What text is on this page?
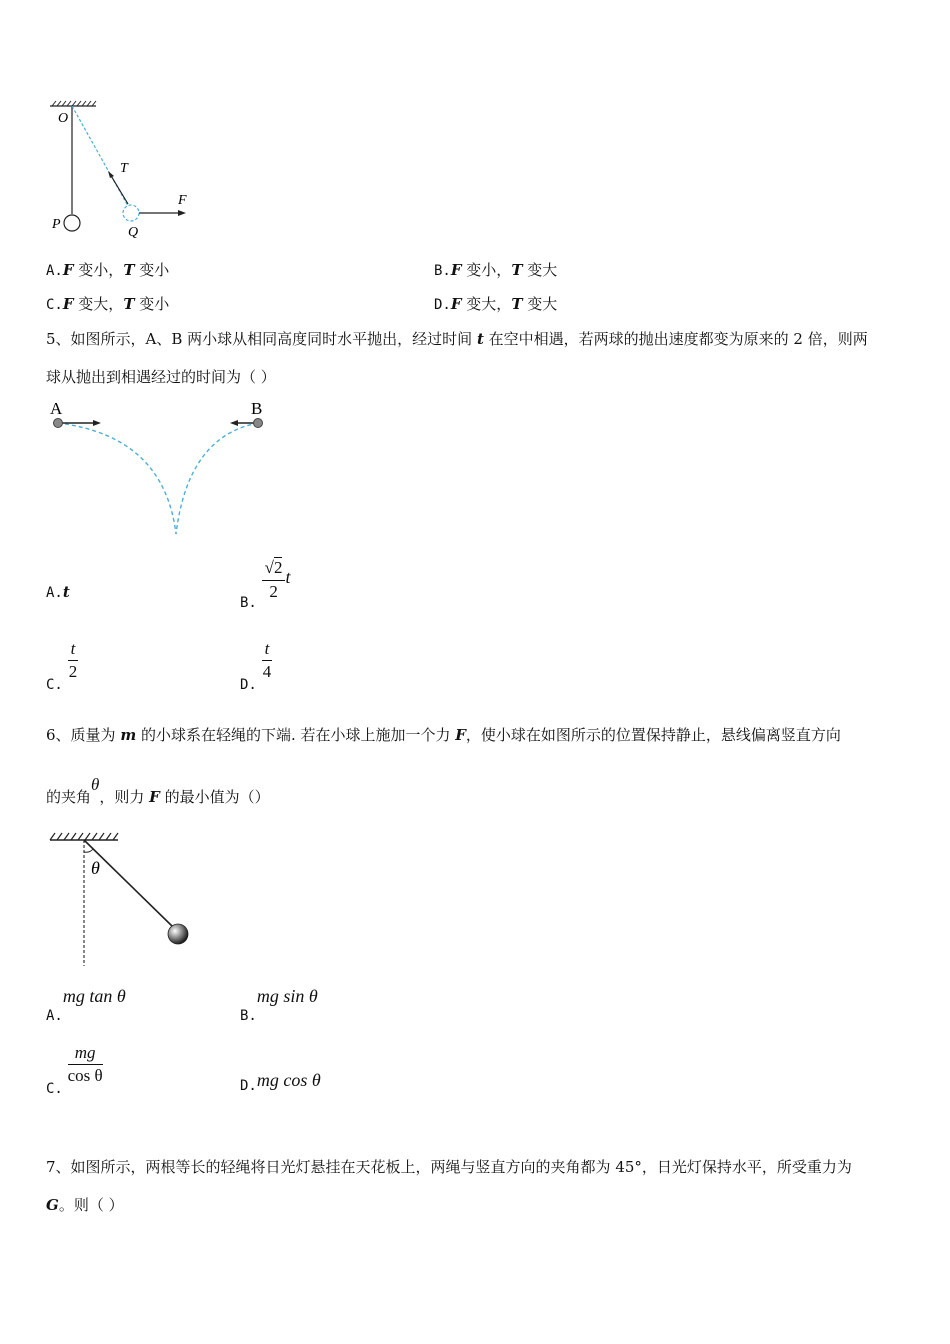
O
T
F
P
Q
A.F 变小，T 变小	B.F 变小，T 变大
C.F 变大，T 变小	D.F 变大，T 变大
5、如图所示，A、B 两小球从相同高度同时水平抛出，经过时间 t 在空中相遇，若两球的抛出速度都变为原来的 2 倍，则两
球从抛出到相遇经过的时间为（ ）
A	B
A.t
B. $\frac{√2}{2}$ t
C.
$\frac{t}{2}$
D.
$\frac{t}{4}$
6、质量为 m 的小球系在轻绳的下端. 若在小球上施加一个力 F，使小球在如图所示的位置保持静止，悬线偏离竖直方向
的夹角θ，则力 F 的最小值为（）
θ
A.mg tan θ
B.mg sin θ
C.
$\frac{mg}{\text{cos θ}}$	D.mg cos θ
7、如图所示，两根等长的轻绳将日光灯悬挂在天花板上，两绳与竖直方向的夹角都为 45°，日光灯保持水平，所受重力为
G。则（ ）
